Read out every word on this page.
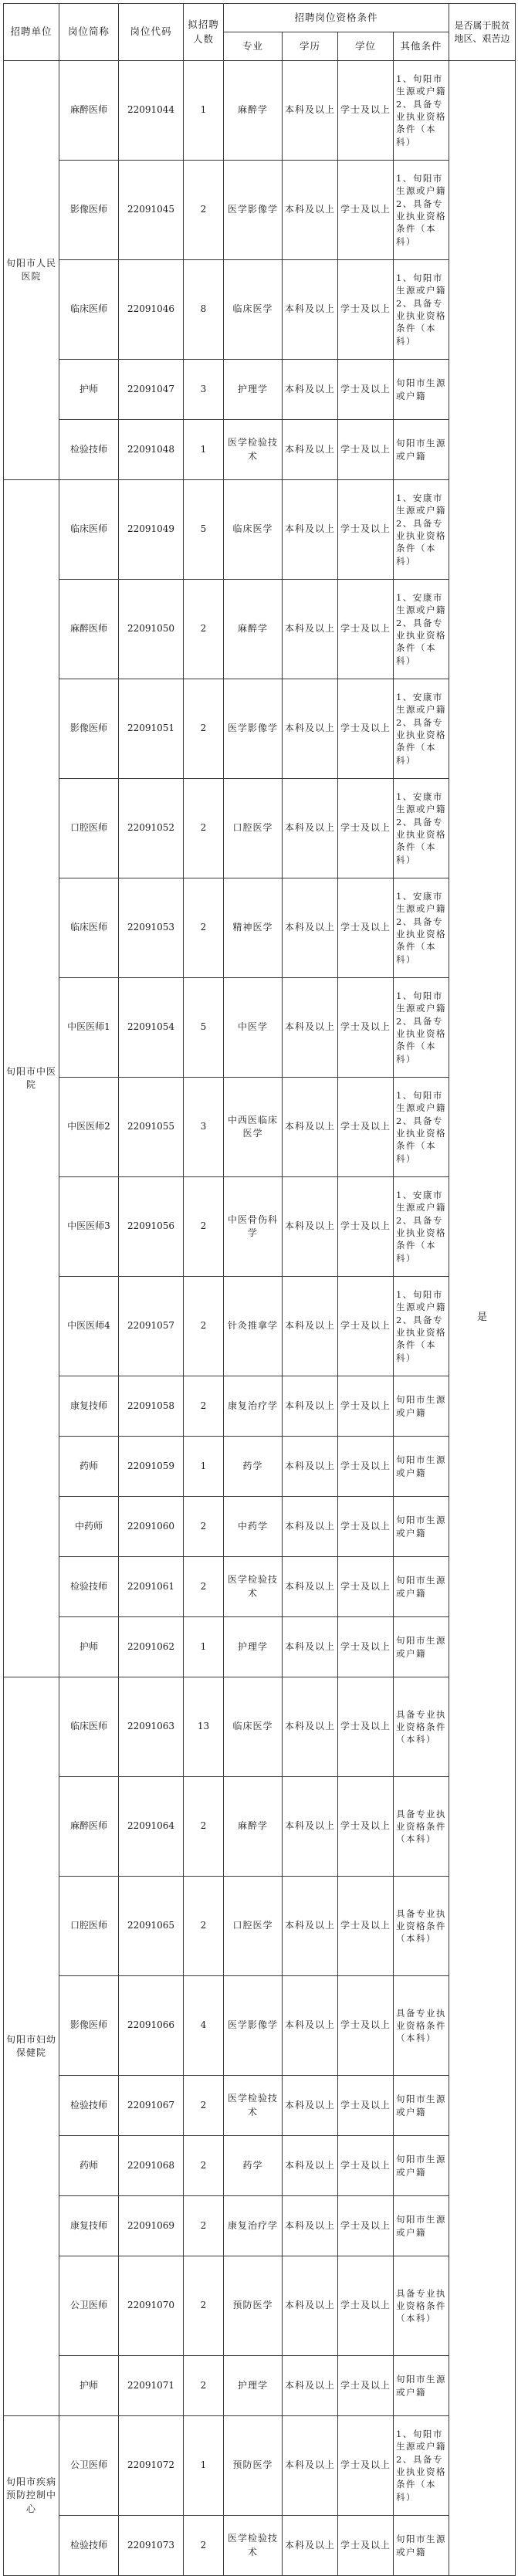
招聘单位	岗位简称	岗位代码	拟招聘人数	招聘岗位资格条件				是否属于脱贫地区、艰苦边
				专业	学历	学位	其他条件	
旬阳市人民医院	麻醉医师	22091044	1	麻醉学	本科及以上	学士及以上	1、旬阳市生源或户籍2、具备专业执业资格条件（本科）	是
	影像医师	22091045	2	医学影像学	本科及以上	学士及以上	1、旬阳市生源或户籍2、具备专业执业资格条件（本科）	
	临床医师	22091046	8	临床医学	本科及以上	学士及以上	1、旬阳市生源或户籍2、具备专业执业资格条件（本科）	
	护师	22091047	3	护理学	本科及以上	学士及以上	旬阳市生源或户籍	
	检验技师	22091048	1	医学检验技术	本科及以上	学士及以上	旬阳市生源或户籍	
旬阳市中医院	临床医师	22091049	5	临床医学	本科及以上	学士及以上	1、安康市生源或户籍2、具备专业执业资格条件（本科）	
	麻醉医师	22091050	2	麻醉学	本科及以上	学士及以上	1、安康市生源或户籍2、具备专业执业资格条件（本科）	
	影像医师	22091051	2	医学影像学	本科及以上	学士及以上	1、安康市生源或户籍2、具备专业执业资格条件（本科）	
	口腔医师	22091052	2	口腔医学	本科及以上	学士及以上	1、安康市生源或户籍2、具备专业执业资格条件（本科）	
	临床医师	22091053	2	精神医学	本科及以上	学士及以上	1、安康市生源或户籍2、具备专业执业资格条件（本科）	
	中医医师1	22091054	5	中医学	本科及以上	学士及以上	1、旬阳市生源或户籍2、具备专业执业资格条件（本科）	
	中医医师2	22091055	3	中西医临床医学	本科及以上	学士及以上	1、旬阳市生源或户籍2、具备专业执业资格条件（本科）	
	中医医师3	22091056	2	中医骨伤科学	本科及以上	学士及以上	1、安康市生源或户籍2、具备专业执业资格条件（本科）	
	中医医师4	22091057	2	针灸推拿学	本科及以上	学士及以上	1、旬阳市生源或户籍2、具备专业执业资格条件（本科）	
	康复技师	22091058	2	康复治疗学	本科及以上	学士及以上	旬阳市生源或户籍	
	药师	22091059	1	药学	本科及以上	学士及以上	旬阳市生源或户籍	
	中药师	22091060	2	中药学	本科及以上	学士及以上	旬阳市生源或户籍	
	检验技师	22091061	2	医学检验技术	本科及以上	学士及以上	旬阳市生源或户籍	
	护师	22091062	1	护理学	本科及以上	学士及以上	旬阳市生源或户籍	
旬阳市妇幼保健院	临床医师	22091063	13	临床医学	本科及以上	学士及以上	具备专业执业资格条件（本科）	
	麻醉医师	22091064	2	麻醉学	本科及以上	学士及以上	具备专业执业资格条件（本科）	
	口腔医师	22091065	2	口腔医学	本科及以上	学士及以上	具备专业执业资格条件（本科）	
	影像医师	22091066	4	医学影像学	本科及以上	学士及以上	具备专业执业资格条件（本科）	
	检验技师	22091067	2	医学检验技术	本科及以上	学士及以上	旬阳市生源或户籍	
	药师	22091068	2	药学	本科及以上	学士及以上	旬阳市生源或户籍	
	康复技师	22091069	2	康复治疗学	本科及以上	学士及以上	旬阳市生源或户籍	
	公卫医师	22091070	2	预防医学	本科及以上	学士及以上	具备专业执业资格条件（本科）	
	护师	22091071	2	护理学	本科及以上	学士及以上	旬阳市生源或户籍	
旬阳市疾病预防控制中心	公卫医师	22091072	1	预防医学	本科及以上	学士及以上	1、旬阳市生源或户籍2、具备专业执业资格条件（本科）	
	检验技师	22091073	2	医学检验技术	本科及以上	学士及以上	旬阳市生源或户籍	
